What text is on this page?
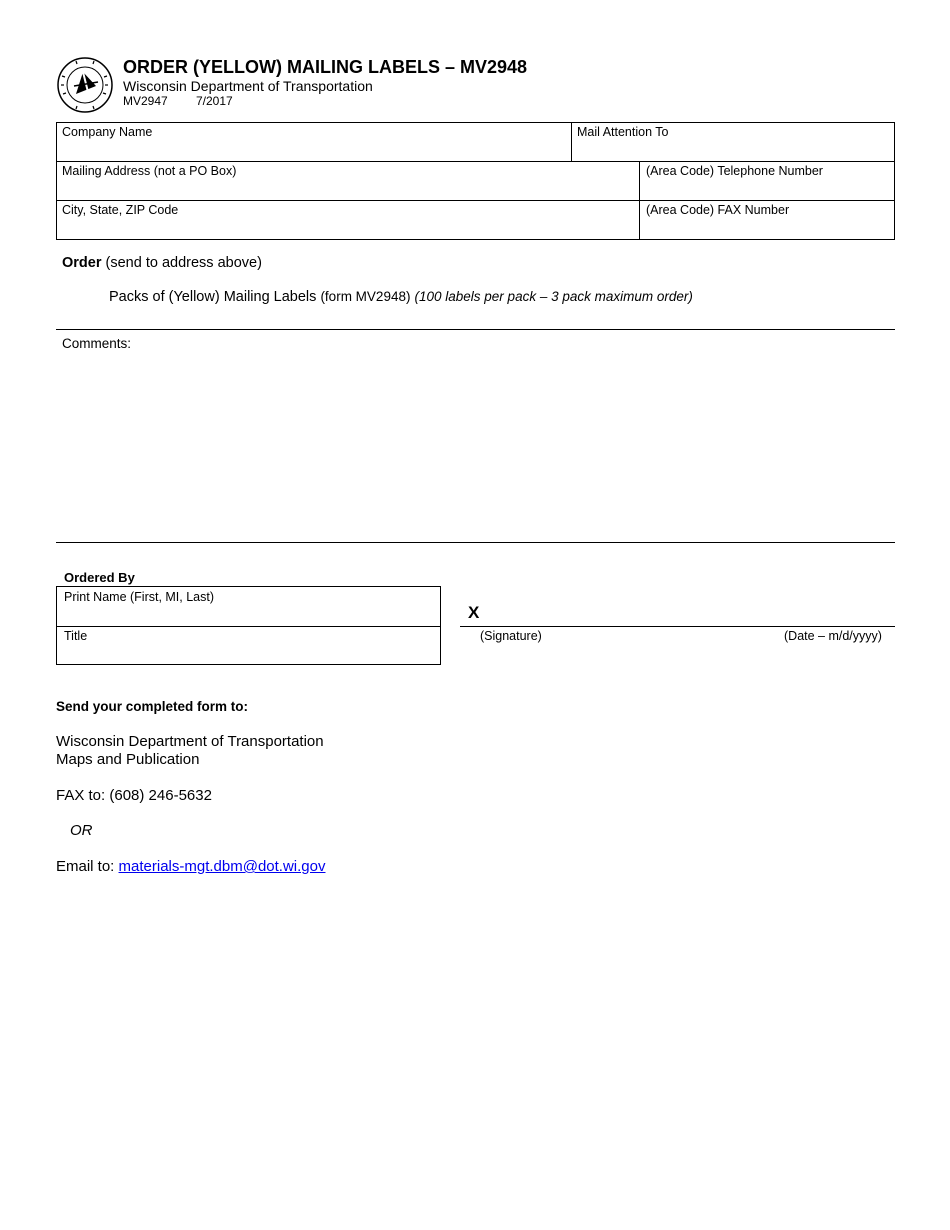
ORDER (YELLOW) MAILING LABELS – MV2948
Wisconsin Department of Transportation
MV2947 7/2017
Company Name	Mail Attention To
Mailing Address (not a PO Box)	(Area Code) Telephone Number
City, State, ZIP Code	(Area Code) FAX Number
Order (send to address above)
Packs of (Yellow) Mailing Labels (form MV2948) (100 labels per pack – 3 pack maximum order)
Comments:
Ordered By
Print Name (First, MI, Last)
Title
X
(Signature)	(Date – m/d/yyyy)
Send your completed form to:
Wisconsin Department of Transportation
Maps and Publication
FAX to: (608) 246-5632
OR
Email to: materials-mgt.dbm@dot.wi.gov
